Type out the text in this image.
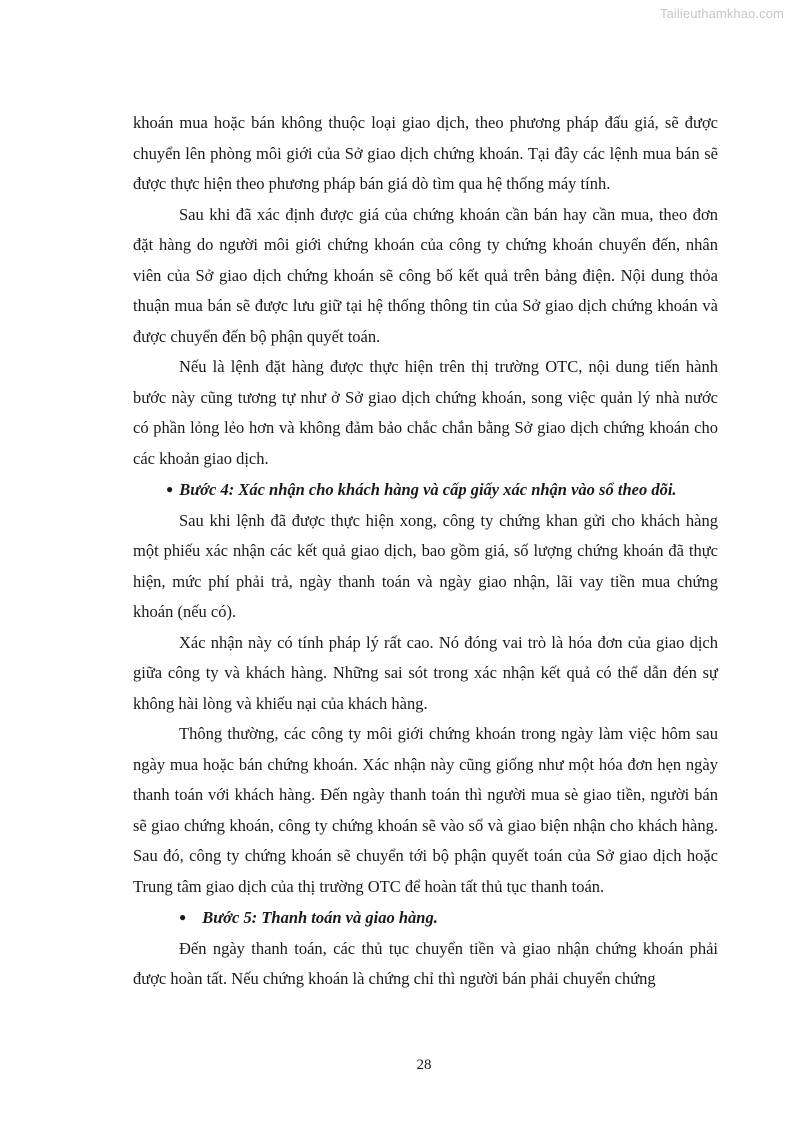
Tailieuthamkhao.com

khoán mua hoặc bán không thuộc loại giao dịch, theo phương pháp đấu giá, sẽ được chuyển lên phòng môi giới của Sở giao dịch chứng khoán. Tại đây các lệnh mua bán sẽ được thực hiện theo phương pháp bán giá dò tìm qua hệ thống máy tính.

Sau khi đã xác định được giá của chứng khoán cần bán hay cần mua, theo đơn đặt hàng do người môi giới chứng khoán của công ty chứng khoán chuyển đến, nhân viên của Sở giao dịch chứng khoán sẽ công bố kết quả trên bảng điện. Nội dung thỏa thuận mua bán sẽ được lưu giữ tại hệ thống thông tin của Sở giao dịch chứng khoán và được chuyển đến bộ phận quyết toán.

Nếu là lệnh đặt hàng được thực hiện trên thị trường OTC, nội dung tiến hành bước này cũng tương tự như ở Sở giao dịch chứng khoán, song việc quản lý nhà nước có phần lỏng lẻo hơn và không đảm bảo chắc chắn bằng Sở giao dịch chứng khoán cho các khoản giao dịch.

● Bước 4: Xác nhận cho khách hàng và cấp giấy xác nhận vào sổ theo dõi.

Sau khi lệnh đã được thực hiện xong, công ty chứng khan gửi cho khách hàng một phiếu xác nhận các kết quả giao dịch, bao gồm giá, số lượng chứng khoán đã thực hiện, mức phí phải trả, ngày thanh toán và ngày giao nhận, lãi vay tiền mua chứng khoán (nếu có).

Xác nhận này có tính pháp lý rất cao. Nó đóng vai trò là hóa đơn của giao dịch giữa công ty và khách hàng. Những sai sót trong xác nhận kết quả có thể dẫn đén sự không hài lòng và khiếu nại của khách hàng.

Thông thường, các công ty môi giới chứng khoán trong ngày làm việc hôm sau ngày mua hoặc bán chứng khoán. Xác nhận này cũng giống như một hóa đơn hẹn ngày thanh toán với khách hàng. Đến ngày thanh toán thì người mua sè giao tiền, người bán sẽ giao chứng khoán, công ty chứng khoán sẽ vào sổ và giao biện nhận cho khách hàng. Sau đó, công ty chứng khoán sẽ chuyển tới bộ phận quyết toán của Sở giao dịch hoặc Trung tâm giao dịch của thị trường OTC để hoàn tất thủ tục thanh toán.

● Bước 5: Thanh toán và giao hàng.

Đến ngày thanh toán, các thủ tục chuyển tiền và giao nhận chứng khoán phải được hoàn tất. Nếu chứng khoán là chứng chỉ thì người bán phải chuyển chứng

28
